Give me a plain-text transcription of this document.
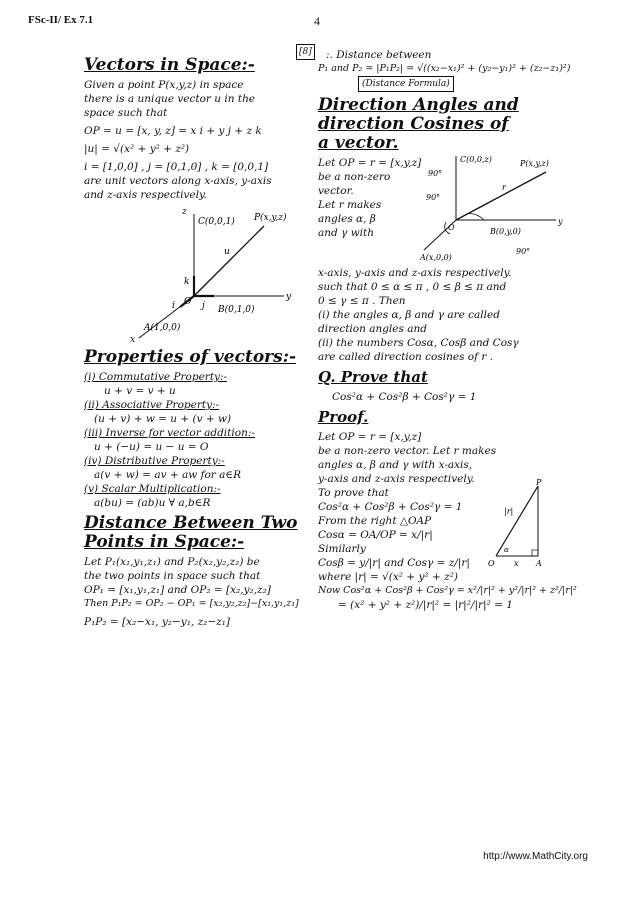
FSc-II/ Ex 7.1	4
Vectors in Space:-
Given a point P(x,y,z) in space
there is a unique vector u in the
space such that
OP = u = [x, y, z] = x i + y j + z k
|u| = √(x² + y² + z²)
i = [1,0,0] , j = [0,1,0] , k = [0,0,1]
are unit vectors along x-axis, y-axis
and z-axis respectively.
z
y
x
C(0,0,1) P(x,y,z)
u
k
j
i O
B(0,1,0)
A(1,0,0)
Properties of vectors:-
(i) Commutative Property:-
u + v = v + u
(ii) Associative Property:-
(u + v) + w = u + (v + w)
(iii) Inverse for vector addition:-
u + (−u) = u − u = O
(iv) Distributive Property:-
a(v + w) = av + aw for a∈R
(v) Scalar Multiplication:-
a(bu) = (ab)u ∀ a,b∈R
Distance Between Two
Points in Space:-
Let P₁(x₁,y₁,z₁) and P₂(x₂,y₂,z₂) be
the two points in space such that
OP₁ = [x₁,y₁,z₁] and OP₂ = [x₂,y₂,z₂]
Then P₁P₂ = OP₂ − OP₁ = [x₂,y₂,z₂]−[x₁,y₁,z₁]
P₁P₂ = [x₂−x₁, y₂−y₁, z₂−z₁]
[8]	:. Distance between
P₁ and P₂ = |P₁P₂| = √((x₂−x₁)² + (y₂−y₁)² + (z₂−z₁)²)
(Distance Formula)
Direction Angles and
direction Cosines of
a vector.
Let OP = r = [x,y,z]
be a non-zero
vector.
Let r makes
angles α, β
and γ with
C(0,0,z)	P(x,y,z)
B(0,y,0)
A(x,0,0)
O
90°
90°
90°
r
y
x-axis, y-axis and z-axis respectively.
such that 0 ≤ α ≤ π , 0 ≤ β ≤ π and
0 ≤ γ ≤ π . Then
(i) the angles α, β and γ are called
direction angles and
(ii) the numbers Cosα, Cosβ and Cosγ
are called direction cosines of r .
Q. Prove that
Cos²α + Cos²β + Cos²γ = 1
Proof.
Let OP = r = [x,y,z]
be a non-zero vector. Let r makes
angles α, β and γ with x-axis,
y-axis and z-axis respectively.
To prove that
Cos²α + Cos²β + Cos²γ = 1
From the right △OAP
Cosα = OA/OP = x/|r|
Similarly
P
|r|
α
O x A
Cosβ = y/|r| and Cosγ = z/|r|
where |r| = √(x² + y² + z²)
Now Cos²α + Cos²β + Cos²γ = x²/|r|² + y²/|r|² + z²/|r|²
= (x² + y² + z²)/|r|² = |r|²/|r|² = 1
http://www.MathCity.org
